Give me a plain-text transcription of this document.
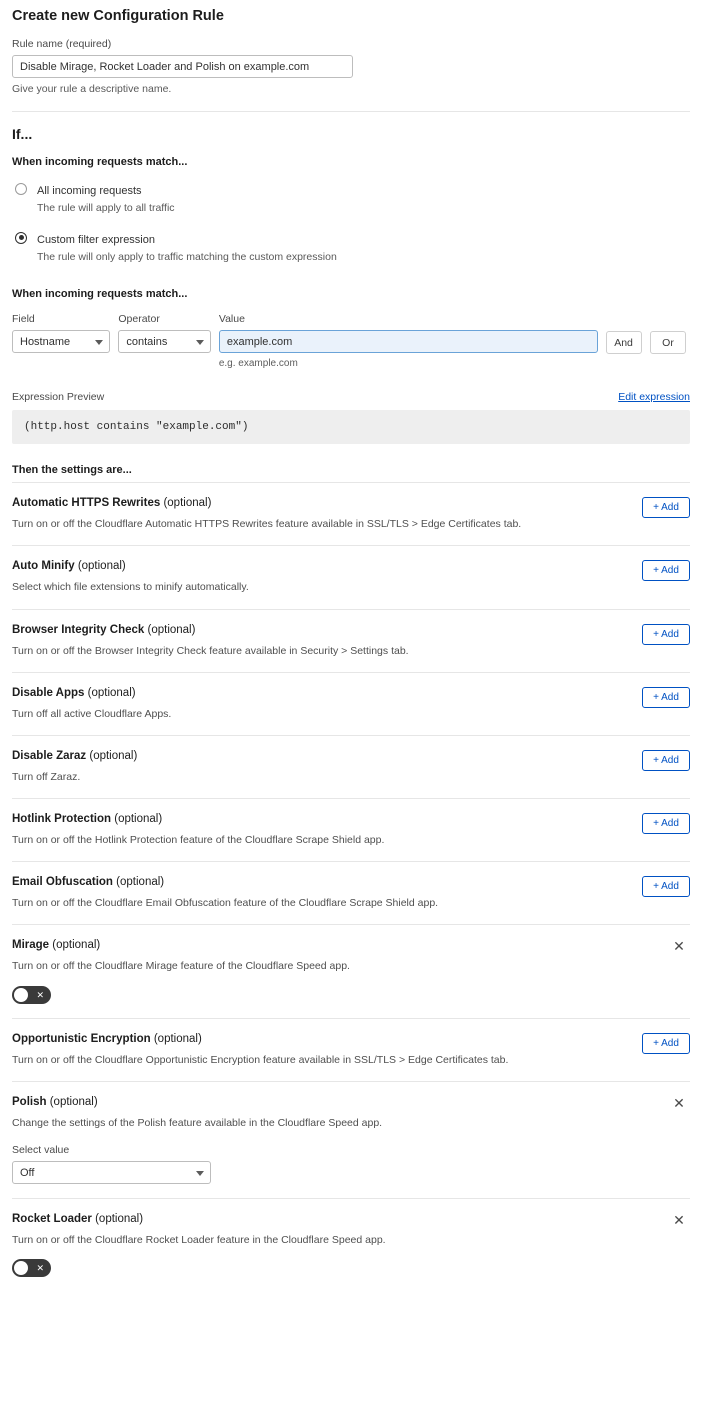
Create new Configuration Rule
Rule name (required)
Disable Mirage, Rocket Loader and Polish on example.com
Give your rule a descriptive name.
If...
When incoming requests match...
All incoming requests
The rule will apply to all traffic
Custom filter expression
The rule will only apply to traffic matching the custom expression
When incoming requests match...
Field
Hostname
Operator
contains
Value
example.com
e.g. example.com
And	Or
Expression Preview	Edit expression
(http.host contains "example.com")
Then the settings are...
Automatic HTTPS Rewrites (optional)
Turn on or off the Cloudflare Automatic HTTPS Rewrites feature available in SSL/TLS > Edge Certificates tab.
+ Add
Auto Minify (optional)
Select which file extensions to minify automatically.
+ Add
Browser Integrity Check (optional)
Turn on or off the Browser Integrity Check feature available in Security > Settings tab.
+ Add
Disable Apps (optional)
Turn off all active Cloudflare Apps.
+ Add
Disable Zaraz (optional)
Turn off Zaraz.
+ Add
Hotlink Protection (optional)
Turn on or off the Hotlink Protection feature of the Cloudflare Scrape Shield app.
+ Add
Email Obfuscation (optional)
Turn on or off the Cloudflare Email Obfuscation feature of the Cloudflare Scrape Shield app.
+ Add
Mirage (optional)
Turn on or off the Cloudflare Mirage feature of the Cloudflare Speed app.
✕
✕
Opportunistic Encryption (optional)
Turn on or off the Cloudflare Opportunistic Encryption feature available in SSL/TLS > Edge Certificates tab.
+ Add
Polish (optional)
Change the settings of the Polish feature available in the Cloudflare Speed app.
✕
Select value
Off
Rocket Loader (optional)
Turn on or off the Cloudflare Rocket Loader feature in the Cloudflare Speed app.
✕
✕
